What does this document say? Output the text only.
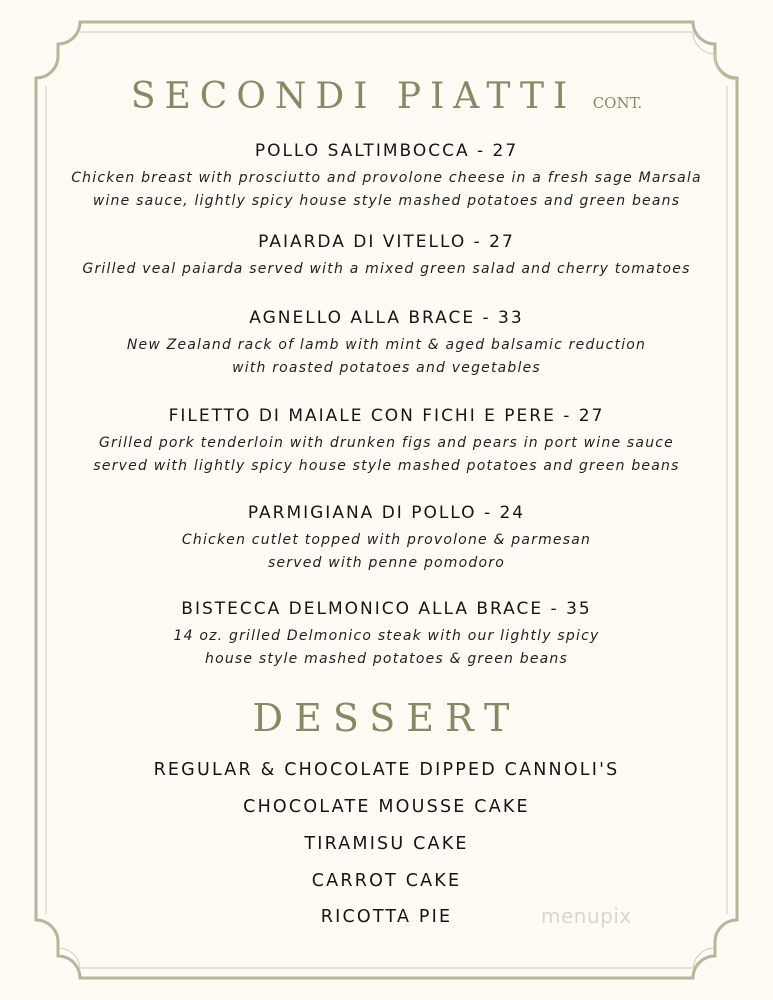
SECONDI PIATTI CONT.
POLLO SALTIMBOCCA - 27
Chicken breast with prosciutto and provolone cheese in a fresh sage Marsala
wine sauce, lightly spicy house style mashed potatoes and green beans
PAIARDA DI VITELLO - 27
Grilled veal paiarda served with a mixed green salad and cherry tomatoes
AGNELLO ALLA BRACE - 33
New Zealand rack of lamb with mint & aged balsamic reduction
with roasted potatoes and vegetables
FILETTO DI MAIALE CON FICHI E PERE - 27
Grilled pork tenderloin with drunken figs and pears in port wine sauce
served with lightly spicy house style mashed potatoes and green beans
PARMIGIANA DI POLLO - 24
Chicken cutlet topped with provolone & parmesan
served with penne pomodoro
BISTECCA DELMONICO ALLA BRACE - 35
14 oz. grilled Delmonico steak with our lightly spicy
house style mashed potatoes & green beans
DESSERT
REGULAR & CHOCOLATE DIPPED CANNOLI'S
CHOCOLATE MOUSSE CAKE
TIRAMISU CAKE
CARROT CAKE
RICOTTA PIE	menupix
